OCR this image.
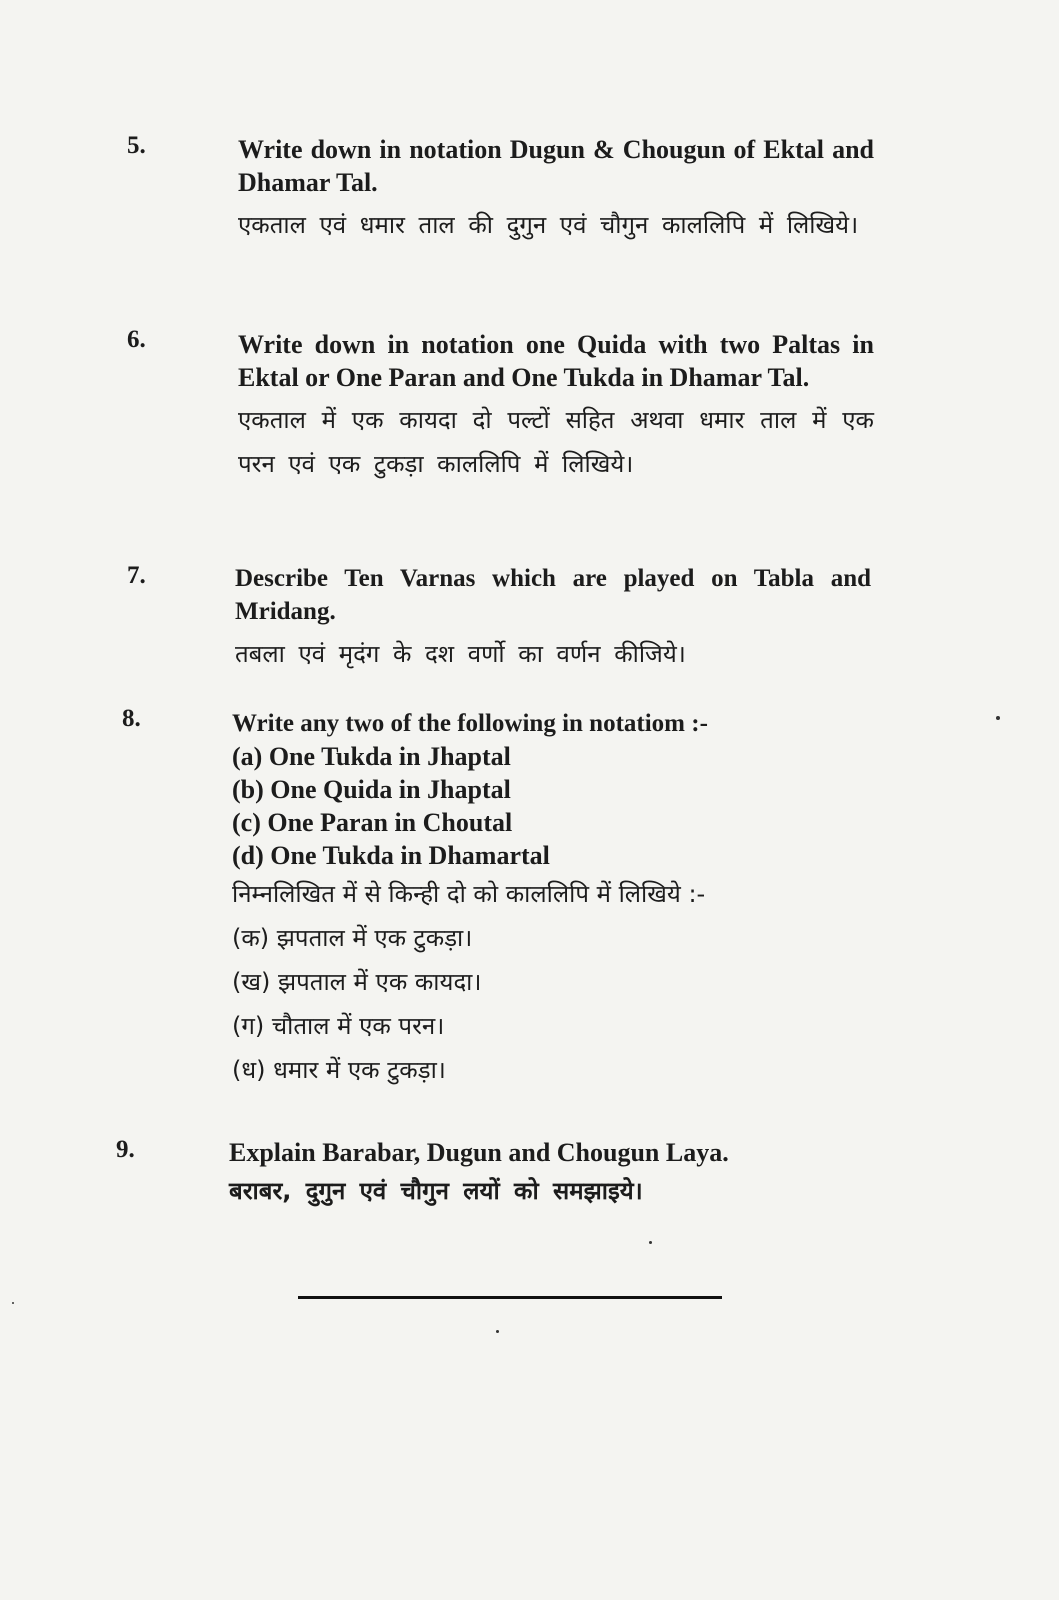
5.	Write down in notation Dugun & Chougun of Ektal and Dhamar Tal.

एकताल एवं धमार ताल की दुगुन एवं चौगुन काललिपि में लिखिये।

6.	Write down in notation one Quida with two Paltas in Ektal or One Paran and One Tukda in Dhamar Tal.

एकताल में एक कायदा दो पल्टों सहित अथवा धमार ताल में एक परन एवं एक टुकड़ा काललिपि में लिखिये।

7.	Describe Ten Varnas which are played on Tabla and Mridang.

तबला एवं मृदंग के दश वर्णो का वर्णन कीजिये।

8.	Write any two of the following in notatiom :-

(a) One Tukda in Jhaptal

(b) One Quida in Jhaptal

(c) One Paran in Choutal

(d) One Tukda in Dhamartal

निम्नलिखित में से किन्ही दो को काललिपि में लिखिये :-

(क) झपताल में एक टुकड़ा।

(ख) झपताल में एक कायदा।

(ग) चौताल में एक परन।

(ध) धमार में एक टुकड़ा।

9.	Explain Barabar, Dugun and Chougun Laya.

बराबर, दुगुन एवं चौगुन लयों को समझाइये।
